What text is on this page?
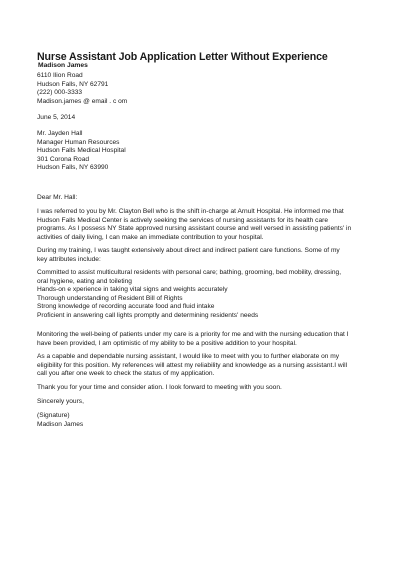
Nurse Assistant Job Application Letter Without Experience
Madison James
6110 Ilion Road
Hudson Falls, NY 62791
(222) 000-3333
Madison.james @ email . c om
June 5, 2014
Mr. Jayden Hall
Manager Human Resources
Hudson Falls Medical Hospital
301 Corona Road
Hudson Falls, NY 63990
Dear Mr. Hall:
I was referred to you by Mr. Clayton Bell who is the shift in-charge at Arnult Hospital. He informed me that
Hudson Falls Medical Center is actively seeking the services of nursing assistants for its health care
programs. As I possess NY State approved nursing assistant course and well versed in assisting patients' in
activities of daily living, I can make an immediate contribution to your hospital.
During my training, I was taught extensively about direct and indirect patient care functions. Some of my
key attributes include:
Committed to assist multicultural residents with personal care; bathing, grooming, bed mobility, dressing,
oral hygiene, eating and toileting
Hands-on e xperience in taking vital signs and weights accurately
Thorough understanding of Resident Bill of Rights
Strong knowledge of recording accurate food and fluid intake
Proficient in answering call lights promptly and determining residents' needs
Monitoring the well-being of patients under my care is a priority for me and with the nursing education that I
have been provided, I am optimistic of my ability to be a positive addition to your hospital.
As a capable and dependable nursing assistant, I would like to meet with you to further elaborate on my
eligibility for this position. My references will attest my reliability and knowledge as a nursing assistant.I will
call you after one week to check the status of my application.
Thank you for your time and consider ation. I look forward to meeting with you soon.
Sincerely yours,
(Signature)
Madison James
